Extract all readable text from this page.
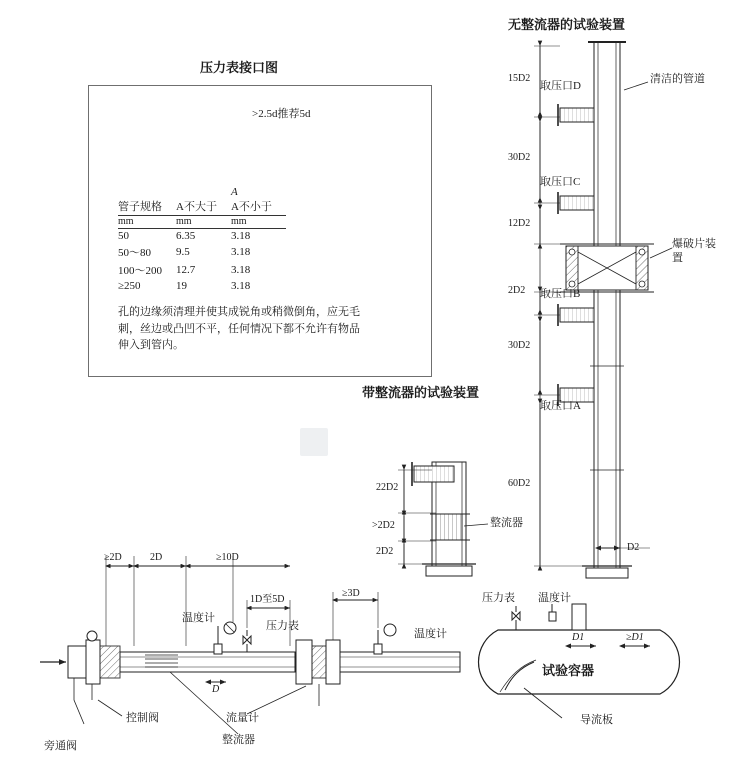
压力表接口图
>2.5d推荐5d
A
管子规格	A不大于	A不小于
mm	mm	mm
50	6.35	3.18
50～80	9.5	3.18
100～200	12.7	3.18
≥250	19	3.18
孔的边缘须清理并使其成锐角或稍微倒角，应无毛刺，丝边或凸凹不平，任何情况下都不允许有物品伸入到管内。
无整流器的试验装置
带整流器的试验装置
15D2
30D2
12D2
2D2
30D2
60D2
D2
取压口D
取压口C
取压口B
取压口A
清洁的管道
爆破片装置
22D2
>2D2
2D2
整流器
≥2D	2D	≥10D
1D至5D
≥3D
D
D1	≥D1
温度计
压力表
温度计
压力表 温度计
控制阀
旁通阀
流量计
整流器
导流板
试验容器
